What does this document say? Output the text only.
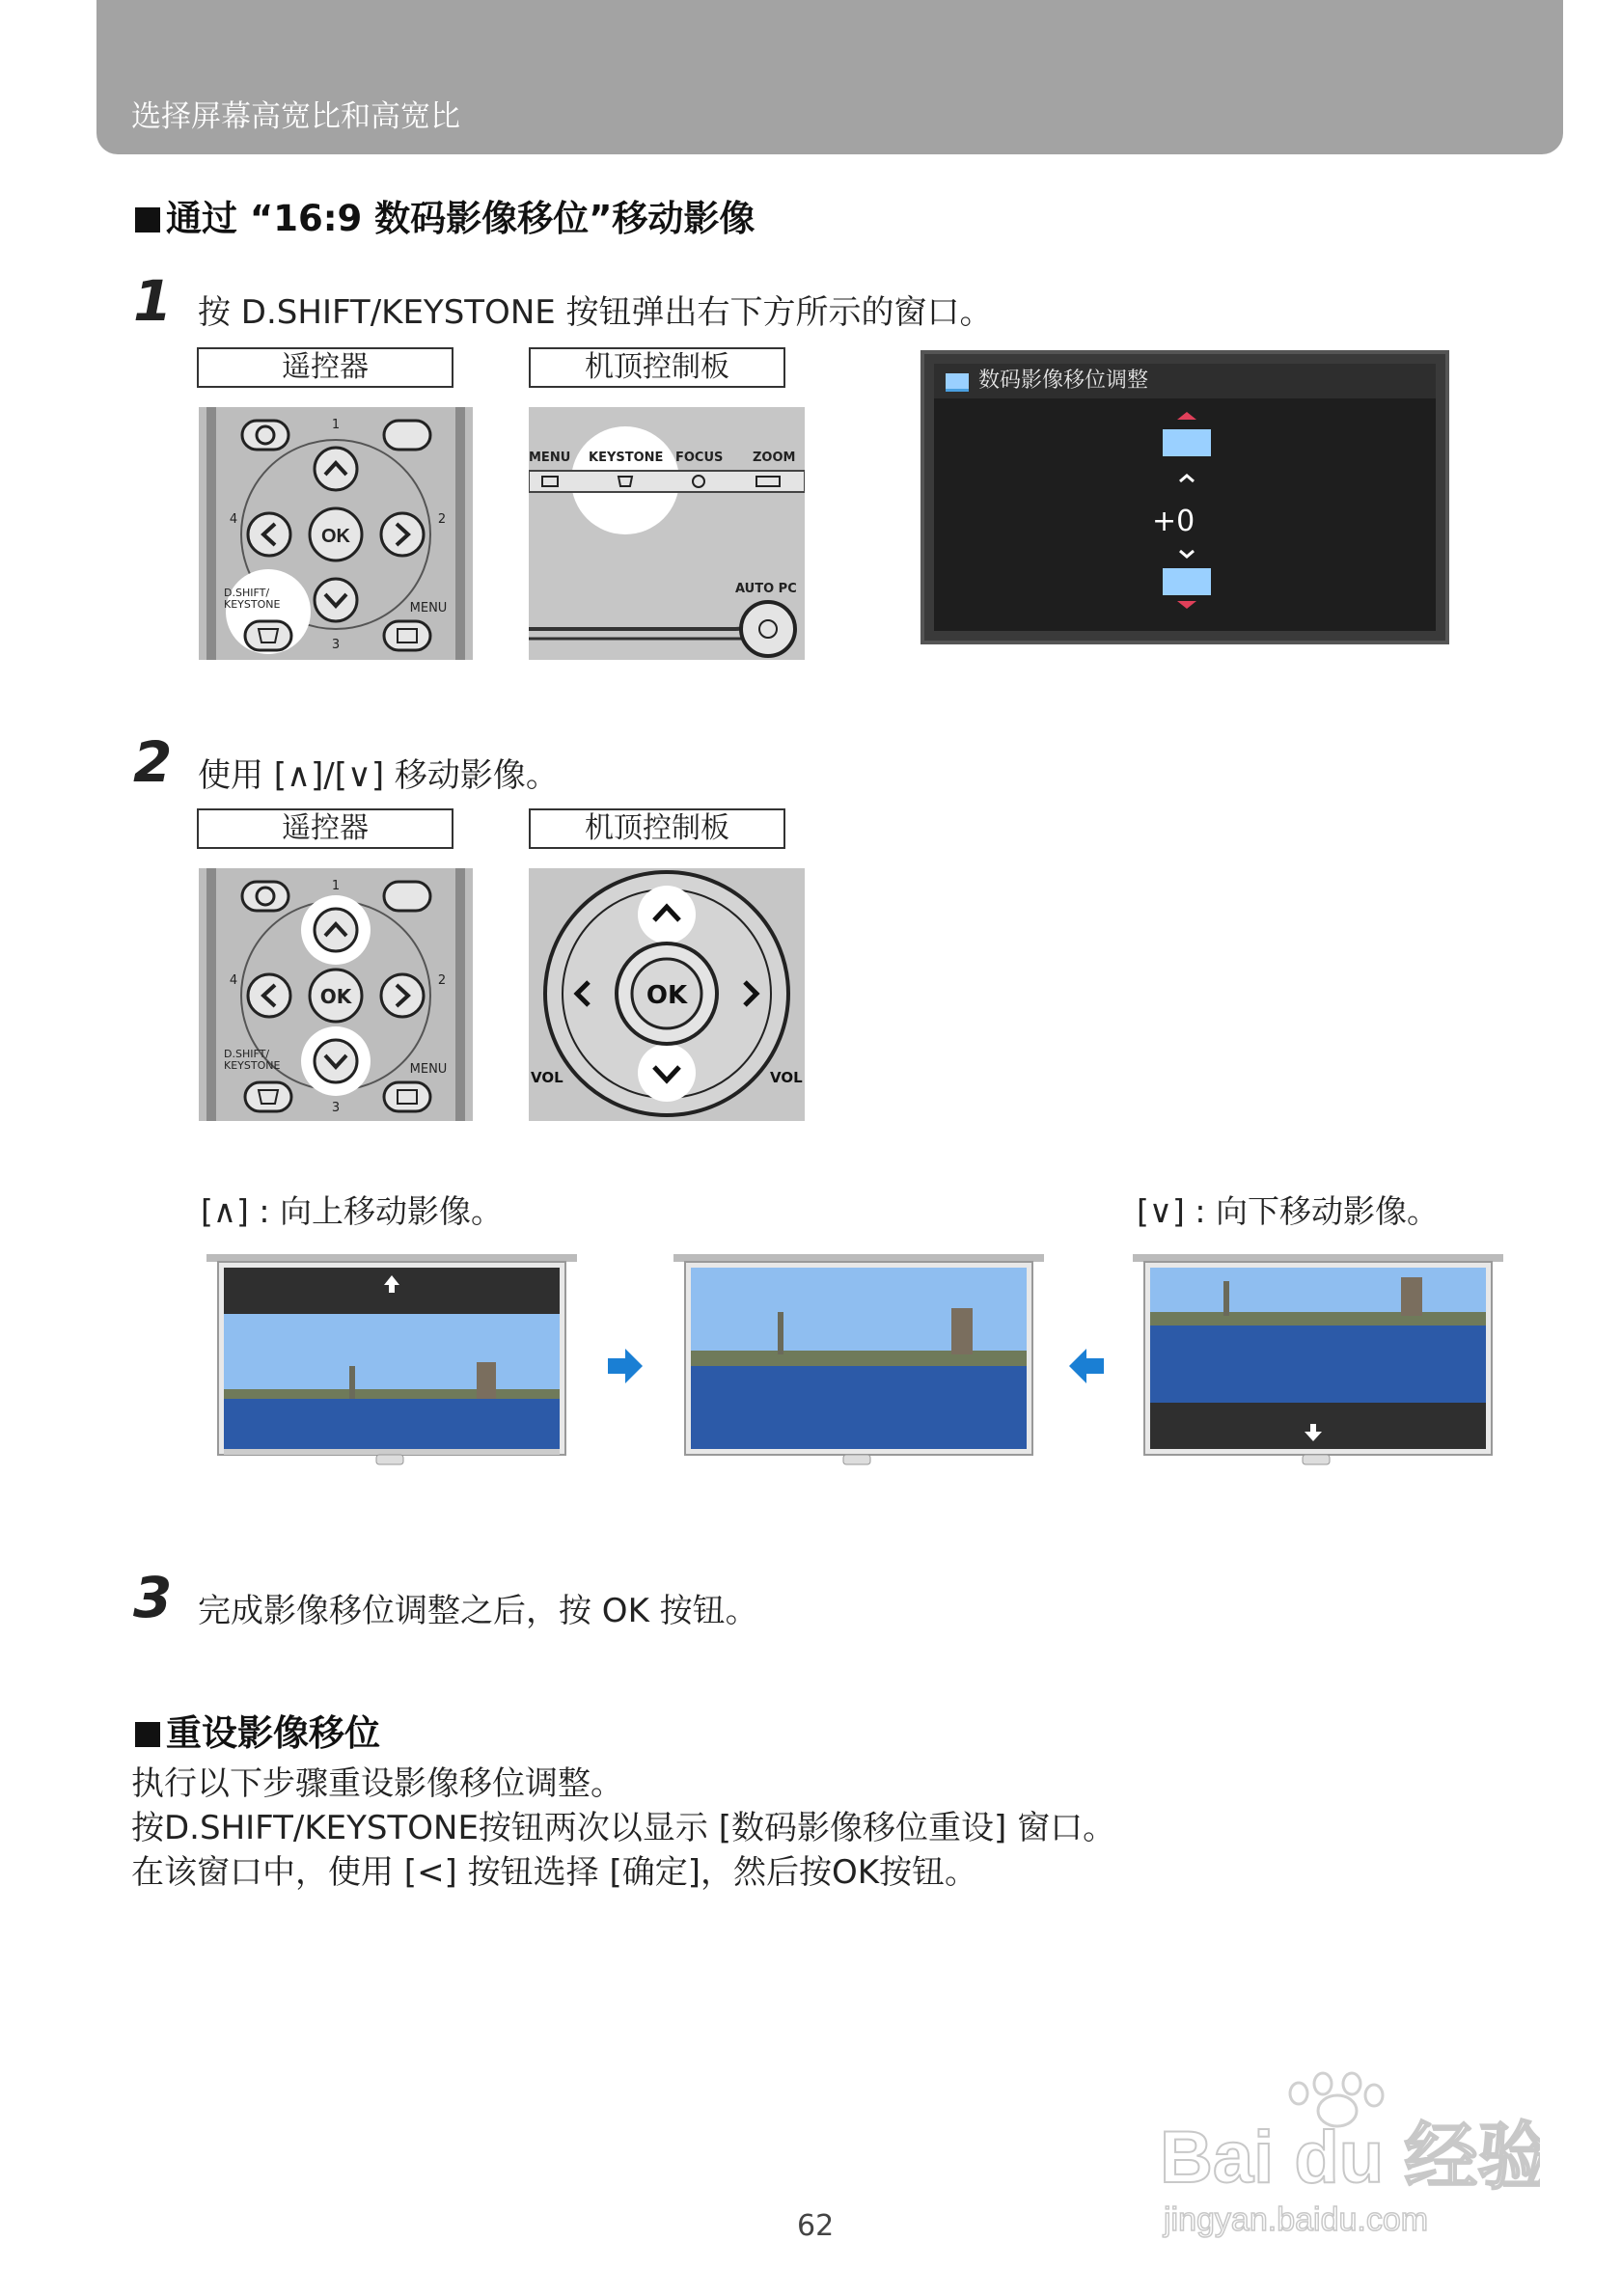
选择屏幕高宽比和高宽比
通过 “16:9 数码影像移位”移动影像
1 按 D.SHIFT/KEYSTONE 按钮弹出右下方所示的窗口。
遥控器	机顶控制板
OK
1
4	2
3
D.SHIFT/
KEYSTONE	MENU
MENU	FOCUS ZOOM
KEYSTONE
AUTO PC
数码影像移位调整
+0
2 使用 [∧]/[∨] 移动影像。
遥控器	机顶控制板
OK
1
4	2
3
D.SHIFT/
KEYSTONE	MENU
OK
VOL	VOL
[∧] : 向上移动影像。	[∨] : 向下移动影像。
3 完成影像移位调整之后，按 OK 按钮。
重设影像移位
执行以下步骤重设影像移位调整。
按D.SHIFT/KEYSTONE按钮两次以显示 [数码影像移位重设] 窗口。
在该窗口中，使用 [<] 按钮选择 [确定]，然后按OK按钮。
Bai du 经验
jingyan.baidu.com
62
